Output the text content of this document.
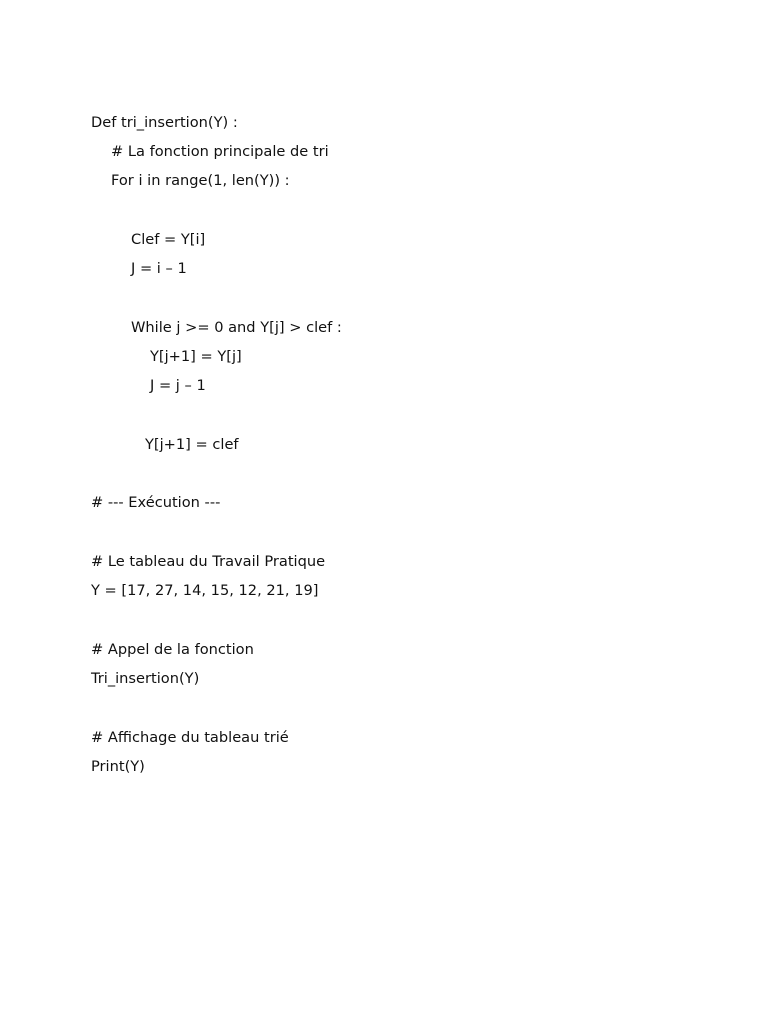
Def tri_insertion(Y) :
# La fonction principale de tri
For i in range(1, len(Y)) :
Clef = Y[i]
J = i – 1
While j >= 0 and Y[j] > clef :
Y[j+1] = Y[j]
J = j – 1
Y[j+1] = clef
# --- Exécution ---
# Le tableau du Travail Pratique
Y = [17, 27, 14, 15, 12, 21, 19]
# Appel de la fonction
Tri_insertion(Y)
# Affichage du tableau trié
Print(Y)
